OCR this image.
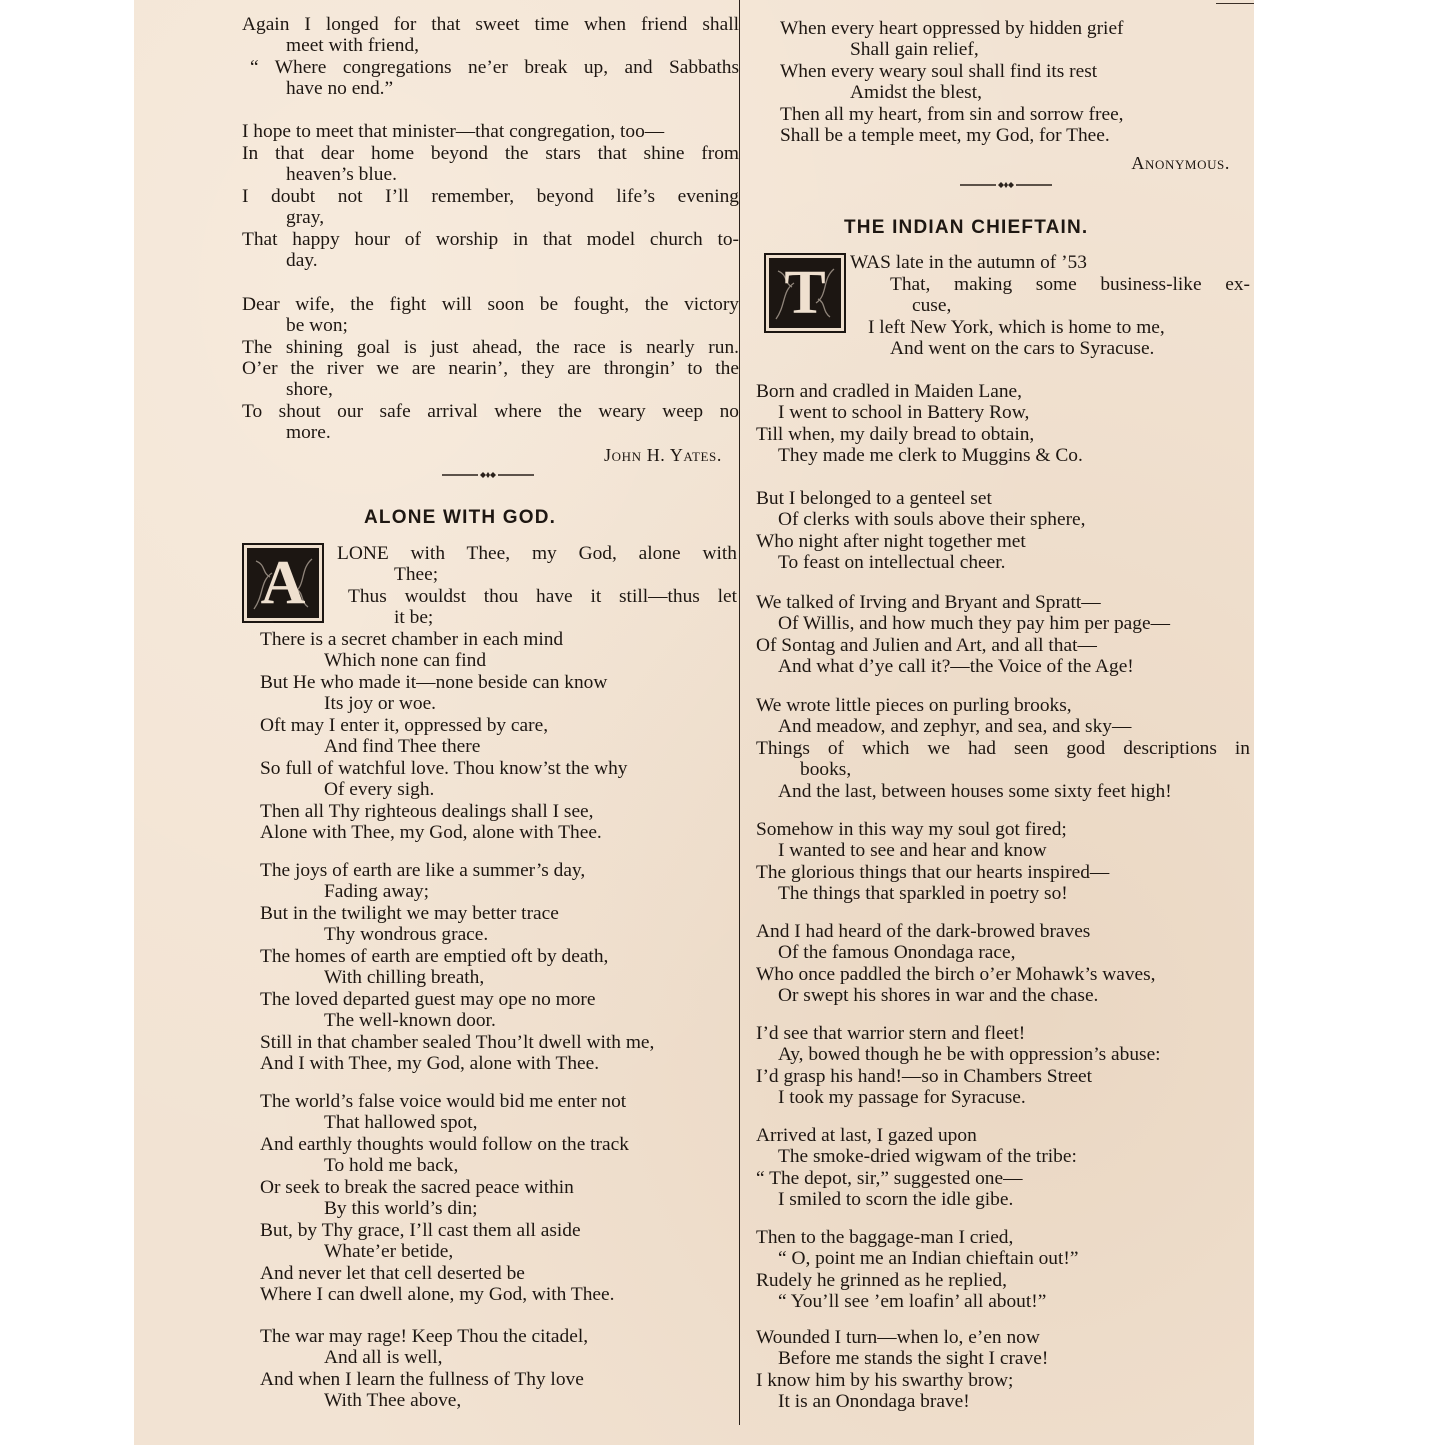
Again I longed for that sweet time when friend shall
meet with friend,
“ Where congregations ne’er break up, and Sabbaths
have no end.”
I hope to meet that minister—that congregation, too—
In that dear home beyond the stars that shine from
heaven’s blue.
I doubt not I’ll remember, beyond life’s evening
gray,
That happy hour of worship in that model church to-
day.
Dear wife, the fight will soon be fought, the victory
be won;
The shining goal is just ahead, the race is nearly run.
O’er the river we are nearin’, they are throngin’ to the
shore,
To shout our safe arrival where the weary weep no
more.
John H. Yates.
ALONE WITH GOD.
A	LONE with Thee, my God, alone with
Thee;
Thus wouldst thou have it still—thus let
it be;
There is a secret chamber in each mind
Which none can find
But He who made it—none beside can know
Its joy or woe.
Oft may I enter it, oppressed by care,
And find Thee there
So full of watchful love. Thou know’st the why
Of every sigh.
Then all Thy righteous dealings shall I see,
Alone with Thee, my God, alone with Thee.
The joys of earth are like a summer’s day,
Fading away;
But in the twilight we may better trace
Thy wondrous grace.
The homes of earth are emptied oft by death,
With chilling breath,
The loved departed guest may ope no more
The well-known door.
Still in that chamber sealed Thou’lt dwell with me,
And I with Thee, my God, alone with Thee.
The world’s false voice would bid me enter not
That hallowed spot,
And earthly thoughts would follow on the track
To hold me back,
Or seek to break the sacred peace within
By this world’s din;
But, by Thy grace, I’ll cast them all aside
Whate’er betide,
And never let that cell deserted be
Where I can dwell alone, my God, with Thee.
The war may rage! Keep Thou the citadel,
And all is well,
And when I learn the fullness of Thy love
With Thee above,
When every heart oppressed by hidden grief
Shall gain relief,
When every weary soul shall find its rest
Amidst the blest,
Then all my heart, from sin and sorrow free,
Shall be a temple meet, my God, for Thee.
Anonymous.
THE INDIAN CHIEFTAIN.
T	WAS late in the autumn of ’53
That, making some business-like ex-
cuse,
I left New York, which is home to me,
And went on the cars to Syracuse.
Born and cradled in Maiden Lane,
I went to school in Battery Row,
Till when, my daily bread to obtain,
They made me clerk to Muggins & Co.
But I belonged to a genteel set
Of clerks with souls above their sphere,
Who night after night together met
To feast on intellectual cheer.
We talked of Irving and Bryant and Spratt—
Of Willis, and how much they pay him per page—
Of Sontag and Julien and Art, and all that—
And what d’ye call it?—the Voice of the Age!
We wrote little pieces on purling brooks,
And meadow, and zephyr, and sea, and sky—
Things of which we had seen good descriptions in
books,
And the last, between houses some sixty feet high!
Somehow in this way my soul got fired;
I wanted to see and hear and know
The glorious things that our hearts inspired—
The things that sparkled in poetry so!
And I had heard of the dark-browed braves
Of the famous Onondaga race,
Who once paddled the birch o’er Mohawk’s waves,
Or swept his shores in war and the chase.
I’d see that warrior stern and fleet!
Ay, bowed though he be with oppression’s abuse:
I’d grasp his hand!—so in Chambers Street
I took my passage for Syracuse.
Arrived at last, I gazed upon
The smoke-dried wigwam of the tribe:
“ The depot, sir,” suggested one—
I smiled to scorn the idle gibe.
Then to the baggage-man I cried,
“ O, point me an Indian chieftain out!”
Rudely he grinned as he replied,
“ You’ll see ’em loafin’ all about!”
Wounded I turn—when lo, e’en now
Before me stands the sight I crave!
I know him by his swarthy brow;
It is an Onondaga brave!
